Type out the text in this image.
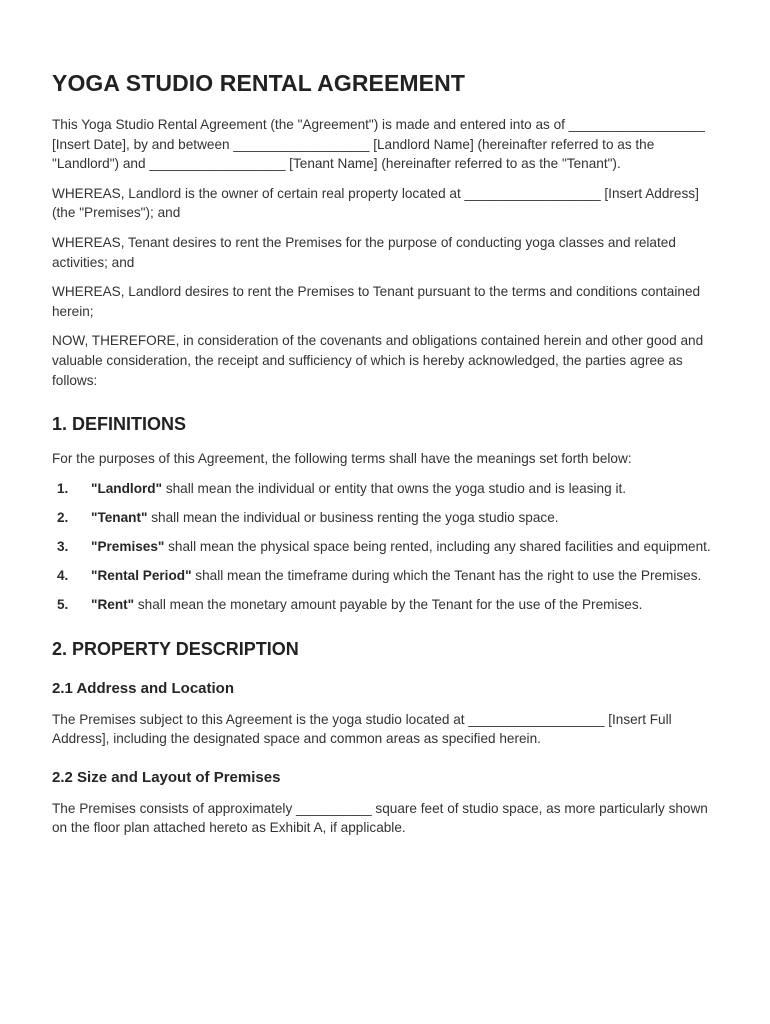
YOGA STUDIO RENTAL AGREEMENT

This Yoga Studio Rental Agreement (the "Agreement") is made and entered into as of __________________ [Insert Date], by and between __________________ [Landlord Name] (hereinafter referred to as the "Landlord") and __________________ [Tenant Name] (hereinafter referred to as the "Tenant").

WHEREAS, Landlord is the owner of certain real property located at __________________ [Insert Address] (the "Premises"); and

WHEREAS, Tenant desires to rent the Premises for the purpose of conducting yoga classes and related activities; and

WHEREAS, Landlord desires to rent the Premises to Tenant pursuant to the terms and conditions contained herein;

NOW, THEREFORE, in consideration of the covenants and obligations contained herein and other good and valuable consideration, the receipt and sufficiency of which is hereby acknowledged, the parties agree as follows:

1. DEFINITIONS

For the purposes of this Agreement, the following terms shall have the meanings set forth below:

1. "Landlord" shall mean the individual or entity that owns the yoga studio and is leasing it.
2. "Tenant" shall mean the individual or business renting the yoga studio space.
3. "Premises" shall mean the physical space being rented, including any shared facilities and equipment.
4. "Rental Period" shall mean the timeframe during which the Tenant has the right to use the Premises.
5. "Rent" shall mean the monetary amount payable by the Tenant for the use of the Premises.
2. PROPERTY DESCRIPTION
2.1 Address and Location

The Premises subject to this Agreement is the yoga studio located at __________________ [Insert Full Address], including the designated space and common areas as specified herein.

2.2 Size and Layout of Premises

The Premises consists of approximately __________ square feet of studio space, as more particularly shown on the floor plan attached hereto as Exhibit A, if applicable.
